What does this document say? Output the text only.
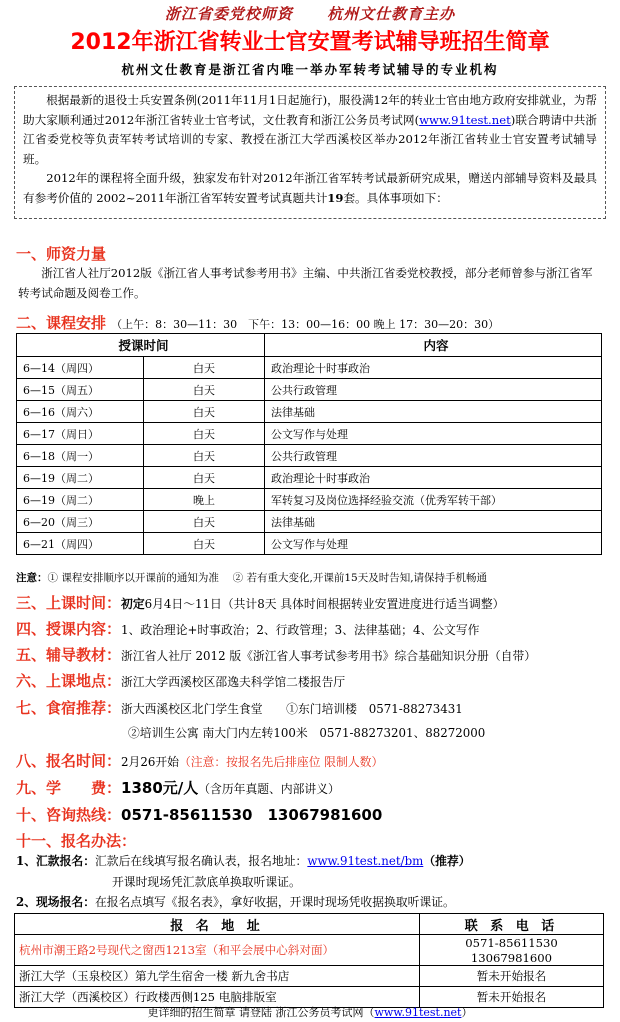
浙江省委党校师资 杭州文仕教育主办
2012年浙江省转业士官安置考试辅导班招生简章
杭州文仕教育是浙江省内唯一举办军转考试辅导的专业机构

根据最新的退役士兵安置条例(2011年11月1日起施行)，服役满12年的转业士官由地方政府安排就业，为帮助大家顺利通过2012年浙江省转业士官考试，文仕教育和浙江公务员考试网(www.91test.net)联合聘请中共浙江省委党校等负责军转考试培训的专家、教授在浙江大学西溪校区举办2012年浙江省转业士官安置考试辅导班。

2012年的课程将全面升级，独家发布针对2012年浙江省军转考试最新研究成果，赠送内部辅导资料及最具有参考价值的 2002~2011年浙江省军转安置考试真题共计19套。具体事项如下：

一、师资力量
浙江省人社厅2012版《浙江省人事考试参考用书》主编、中共浙江省委党校教授，部分老师曾参与浙江省军转考试命题及阅卷工作。
二、课程安排 （上午：8：30—11：30　下午：13：00—16：00 晚上 17：30—20：30）
授课时间		内容
6—14（周四）	白天	政治理论十时事政治
6—15（周五）	白天	公共行政管理
6—16（周六）	白天	法律基础
6—17（周日）	白天	公文写作与处理
6—18（周一）	白天	公共行政管理
6—19（周二）	白天	政治理论十时事政治
6—19（周二）	晚上	军转复习及岗位选择经验交流（优秀军转干部）
6—20（周三）	白天	法律基础
6—21（周四）	白天	公文写作与处理
注意：① 课程安排顺序以开课前的通知为准　 ② 若有重大变化,开课前15天及时告知,请保持手机畅通
三、上课时间：初定6月4日～11日（共计8天 具体时间根据转业安置进度进行适当调整）
四、授课内容：1、政治理论+时事政治；2、行政管理；3、法律基础；4、公文写作
五、辅导教材：浙江省人社厅 2012 版《浙江省人事考试参考用书》综合基础知识分册（自带）
六、上课地点：浙江大学西溪校区邵逸夫科学馆二楼报告厅
七、食宿推荐：浙大西溪校区北门学生食堂　　①东门培训楼　0571-88273431
②培训生公寓 南大门内左转100米　0571-88273201、88272000
八、报名时间：2月26开始（注意：按报名先后排座位 限制人数）
九、学　　费：1380元/人（含历年真题、内部讲义）
十、咨询热线：0571-85611530　13067981600
十一、报名办法：
1、汇款报名：汇款后在线填写报名确认表，报名地址：www.91test.net/bm（推荐）
开课时现场凭汇款底单换取听课证。
2、现场报名：在报名点填写《报名表》，拿好收据，开课时现场凭收据换取听课证。
报 名 地 址	联 系 电 话
杭州市潮王路2号现代之窗西1213室（和平会展中心斜对面）	0571-85611530　13067981600
浙江大学（玉泉校区）第九学生宿舍一楼 新九舍书店	暂未开始报名
浙江大学（西溪校区）行政楼西侧125 电脑排版室	暂未开始报名
更详细的招生简章 请登陆 浙江公务员考试网（www.91test.net）
